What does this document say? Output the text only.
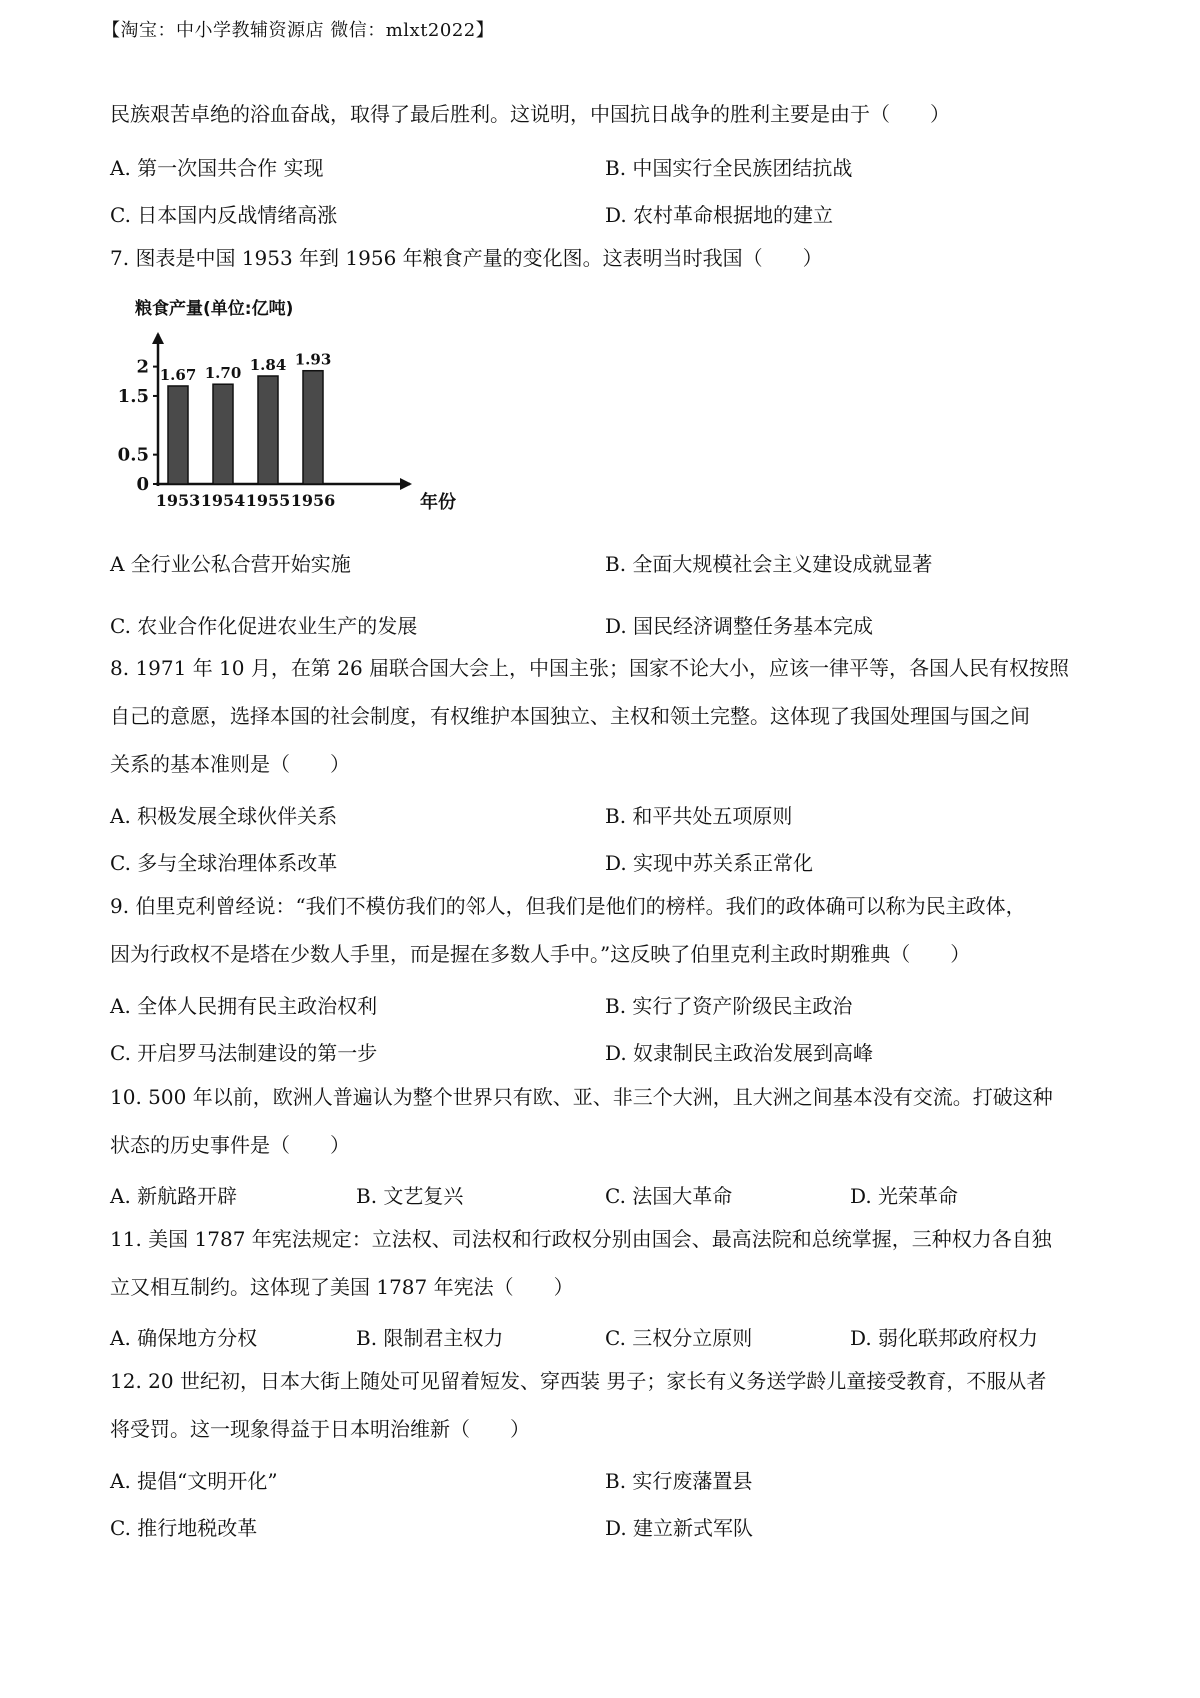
【淘宝：中小学教辅资源店 微信：mlxt2022】
民族艰苦卓绝的浴血奋战，取得了最后胜利。这说明，中国抗日战争的胜利主要是由于（　　）
A. 第一次国共合作 实现	B. 中国实行全民族团结抗战
C. 日本国内反战情绪高涨	D. 农村革命根据地的建立
7. 图表是中国 1953 年到 1956 年粮食产量的变化图。这表明当时我国（　　）
粮食产量(单位:亿吨)
0
0.5
1.5
2
年份
1.67
1953
1.70
1954
1.84
1955
1.93
1956
A 全行业公私合营开始实施	B. 全面大规模社会主义建设成就显著
C. 农业合作化促进农业生产的发展	D. 国民经济调整任务基本完成
8. 1971 年 10 月，在第 26 届联合国大会上，中国主张；国家不论大小，应该一律平等，各国人民有权按照
自己的意愿，选择本国的社会制度，有权维护本国独立、主权和领土完整。这体现了我国处理国与国之间
关系的基本准则是（　　）
A. 积极发展全球伙伴关系	B. 和平共处五项原则
C. 多与全球治理体系改革	D. 实现中苏关系正常化
9. 伯里克利曾经说：“我们不模仿我们的邻人，但我们是他们的榜样。我们的政体确可以称为民主政体，
因为行政权不是塔在少数人手里，而是握在多数人手中。”这反映了伯里克利主政时期雅典（　　）
A. 全体人民拥有民主政治权利	B. 实行了资产阶级民主政治
C. 开启罗马法制建设的第一步	D. 奴隶制民主政治发展到高峰
10. 500 年以前，欧洲人普遍认为整个世界只有欧、亚、非三个大洲，且大洲之间基本没有交流。打破这种
状态的历史事件是（　　）
A. 新航路开辟	B. 文艺复兴	C. 法国大革命	D. 光荣革命
11. 美国 1787 年宪法规定：立法权、司法权和行政权分别由国会、最高法院和总统掌握，三种权力各自独
立又相互制约。这体现了美国 1787 年宪法（　　）
A. 确保地方分权	B. 限制君主权力	C. 三权分立原则	D. 弱化联邦政府权力
12. 20 世纪初，日本大街上随处可见留着短发、穿西装 男子；家长有义务送学龄儿童接受教育，不服从者
将受罚。这一现象得益于日本明治维新（　　）
A. 提倡“文明开化”	B. 实行废藩置县
C. 推行地税改革	D. 建立新式军队
